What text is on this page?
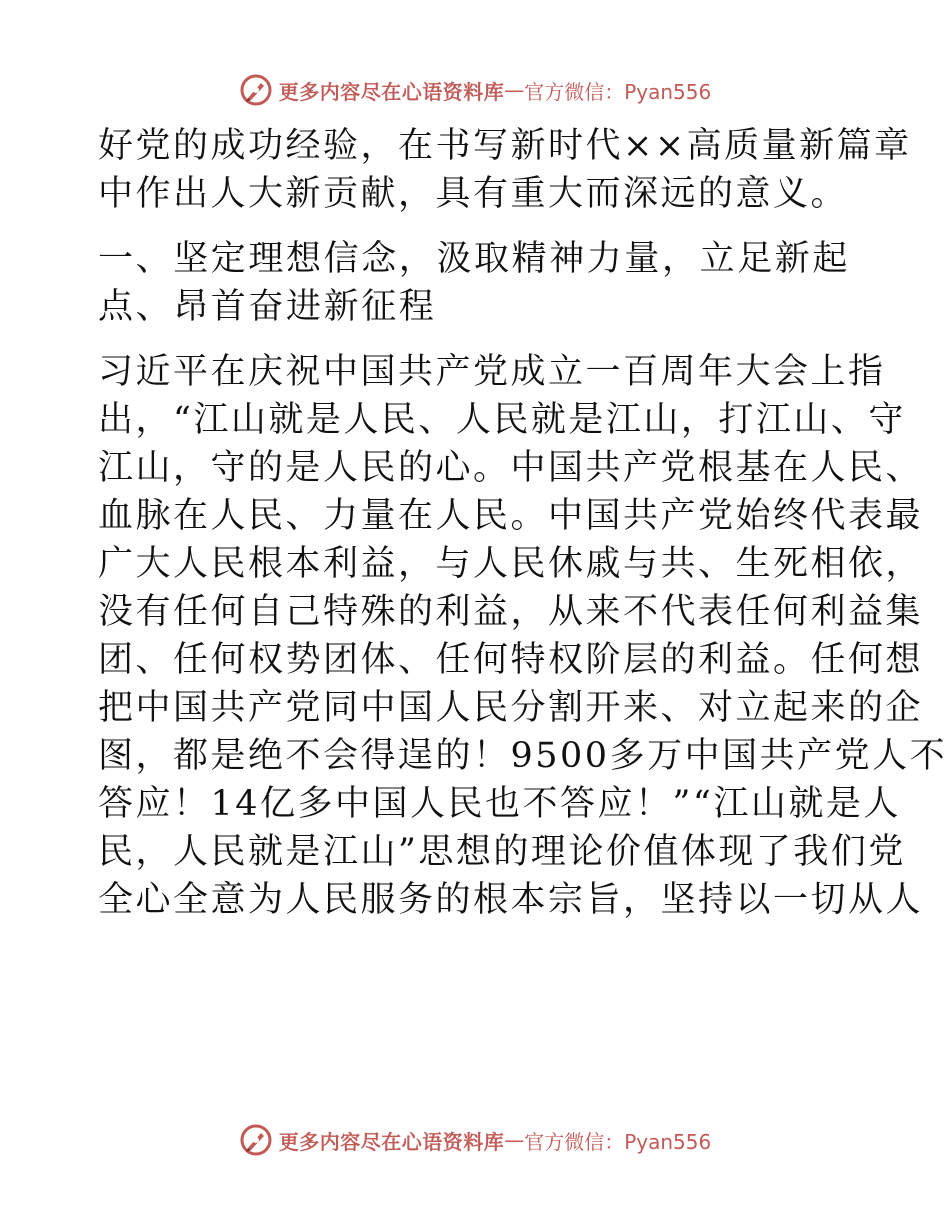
更多内容尽在心语资料库 — 官方微信：Pyan556
好党的成功经验，在书写新时代××高质量新篇章
中作出人大新贡献，具有重大而深远的意义。
一、坚定理想信念，汲取精神力量，立足新起
点、昂首奋进新征程
习近平在庆祝中国共产党成立一百周年大会上指
出，“江山就是人民、人民就是江山，打江山、守
江山，守的是人民的心。中国共产党根基在人民、
血脉在人民、力量在人民。中国共产党始终代表最
广大人民根本利益，与人民休戚与共、生死相依，
没有任何自己特殊的利益，从来不代表任何利益集
团、任何权势团体、任何特权阶层的利益。任何想
把中国共产党同中国人民分割开来、对立起来的企
图，都是绝不会得逞的！9500多万中国共产党人不
答应！14亿多中国人民也不答应！”“江山就是人
民，人民就是江山”思想的理论价值体现了我们党
全心全意为人民服务的根本宗旨，坚持以一切从人
更多内容尽在心语资料库 — 官方微信：Pyan556
